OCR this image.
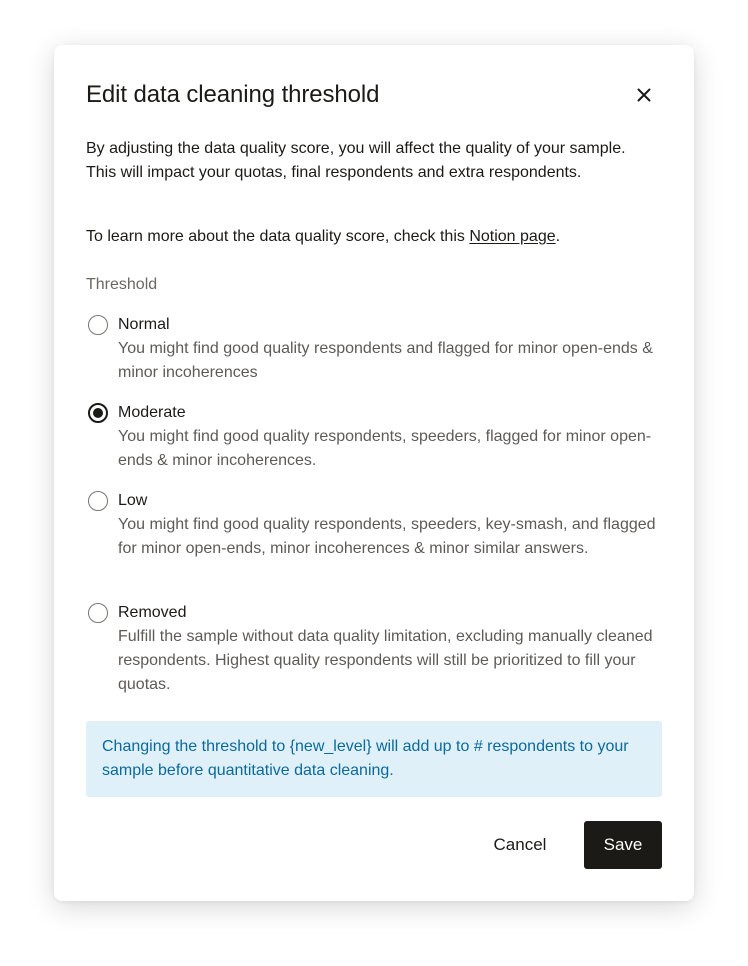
Edit data cleaning threshold
By adjusting the data quality score, you will affect the quality of your sample. This will impact your quotas, final respondents and extra respondents.
To learn more about the data quality score, check this Notion page.
Threshold
Normal
You might find good quality respondents and flagged for minor open-ends & minor incoherences
Moderate
You might find good quality respondents, speeders, flagged for minor open-ends & minor incoherences.
Low
You might find good quality respondents, speeders, key-smash, and flagged for minor open-ends, minor incoherences & minor similar answers.
Removed
Fulfill the sample without data quality limitation, excluding manually cleaned respondents. Highest quality respondents will still be prioritized to fill your quotas.
Changing the threshold to {new_level} will add up to # respondents to your sample before quantitative data cleaning.
Cancel	Save
